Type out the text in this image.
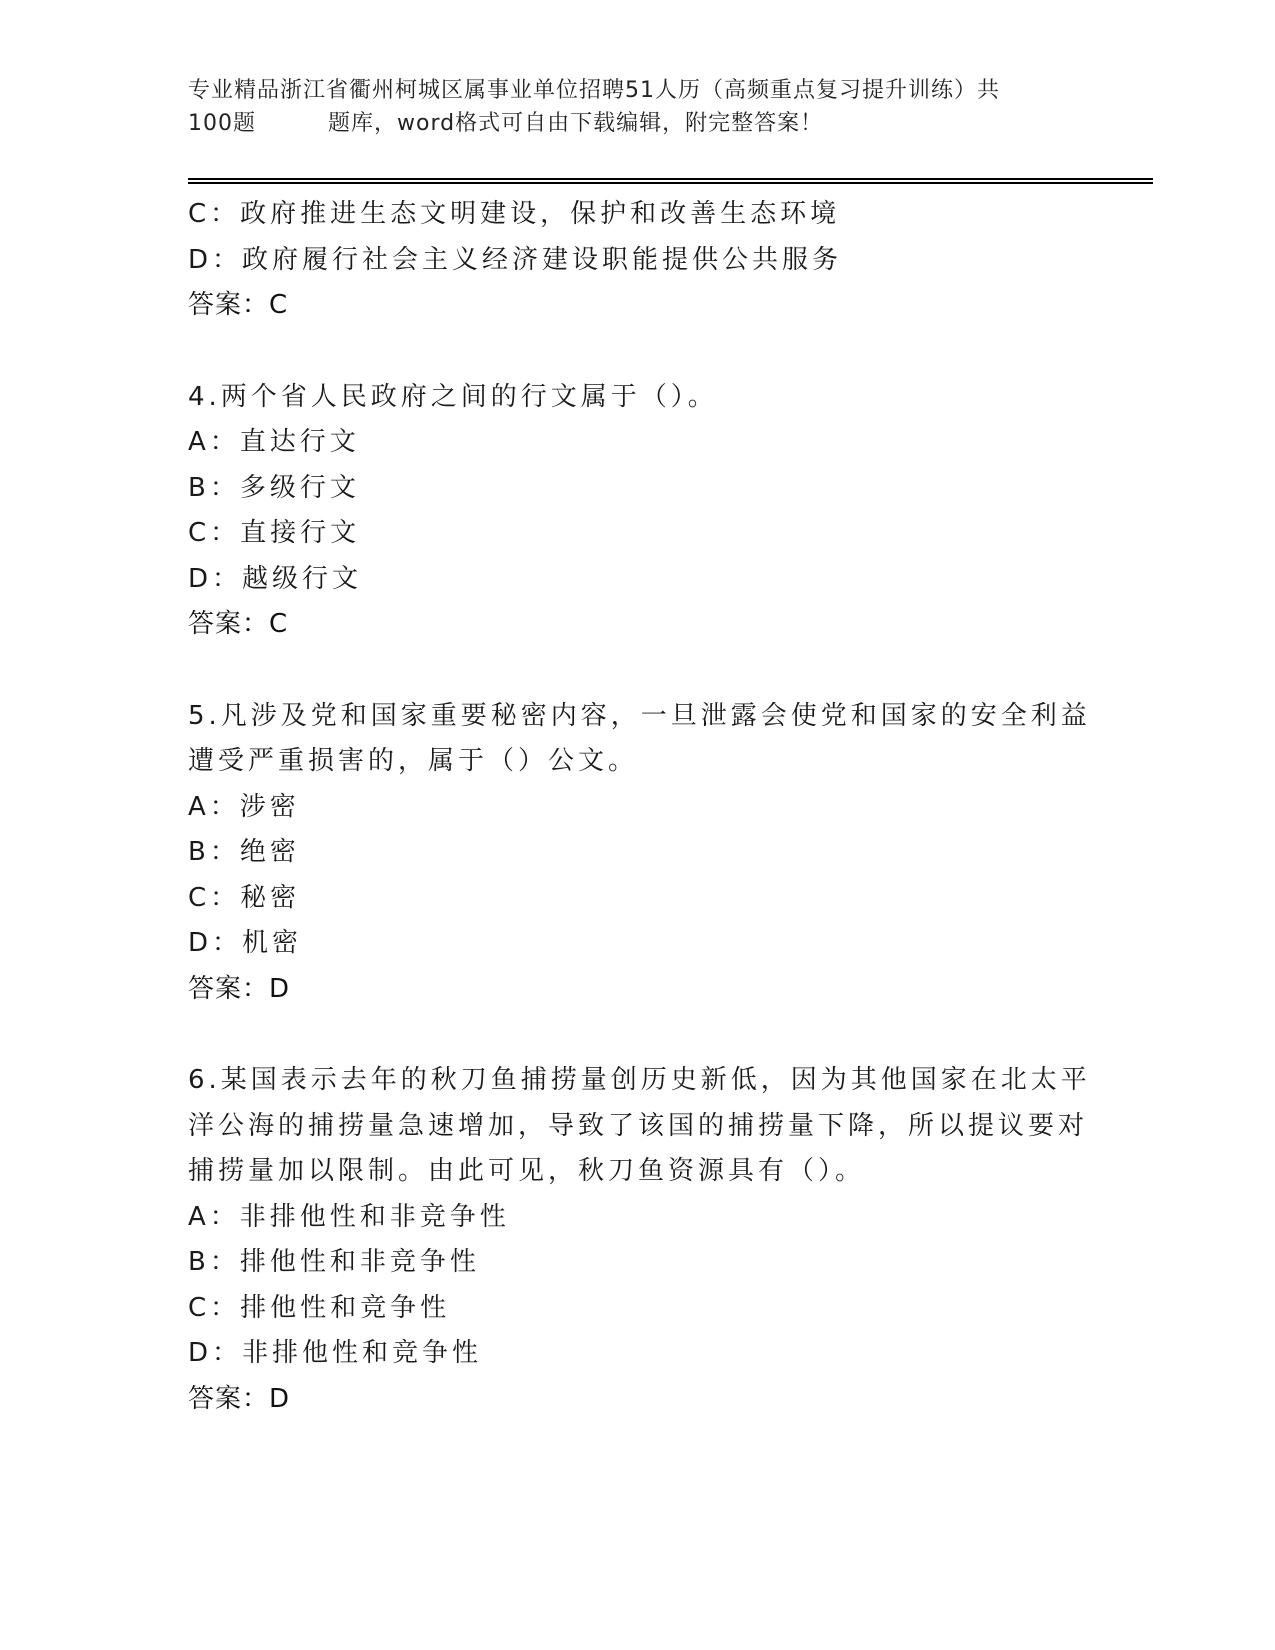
专业精品浙江省衢州柯城区属事业单位招聘51人历（高频重点复习提升训练）共
100题	题库，word格式可自由下载编辑，附完整答案！
C：政府推进生态文明建设，保护和改善生态环境
D：政府履行社会主义经济建设职能提供公共服务
答案：C
4.两个省人民政府之间的行文属于（）。
A：直达行文
B：多级行文
C：直接行文
D：越级行文
答案：C
5.凡涉及党和国家重要秘密内容，一旦泄露会使党和国家的安全利益
遭受严重损害的，属于（）公文。
A：涉密
B：绝密
C：秘密
D：机密
答案：D
6.某国表示去年的秋刀鱼捕捞量创历史新低，因为其他国家在北太平
洋公海的捕捞量急速增加，导致了该国的捕捞量下降，所以提议要对
捕捞量加以限制。由此可见，秋刀鱼资源具有（）。
A：非排他性和非竞争性
B：排他性和非竞争性
C：排他性和竞争性
D：非排他性和竞争性
答案：D
